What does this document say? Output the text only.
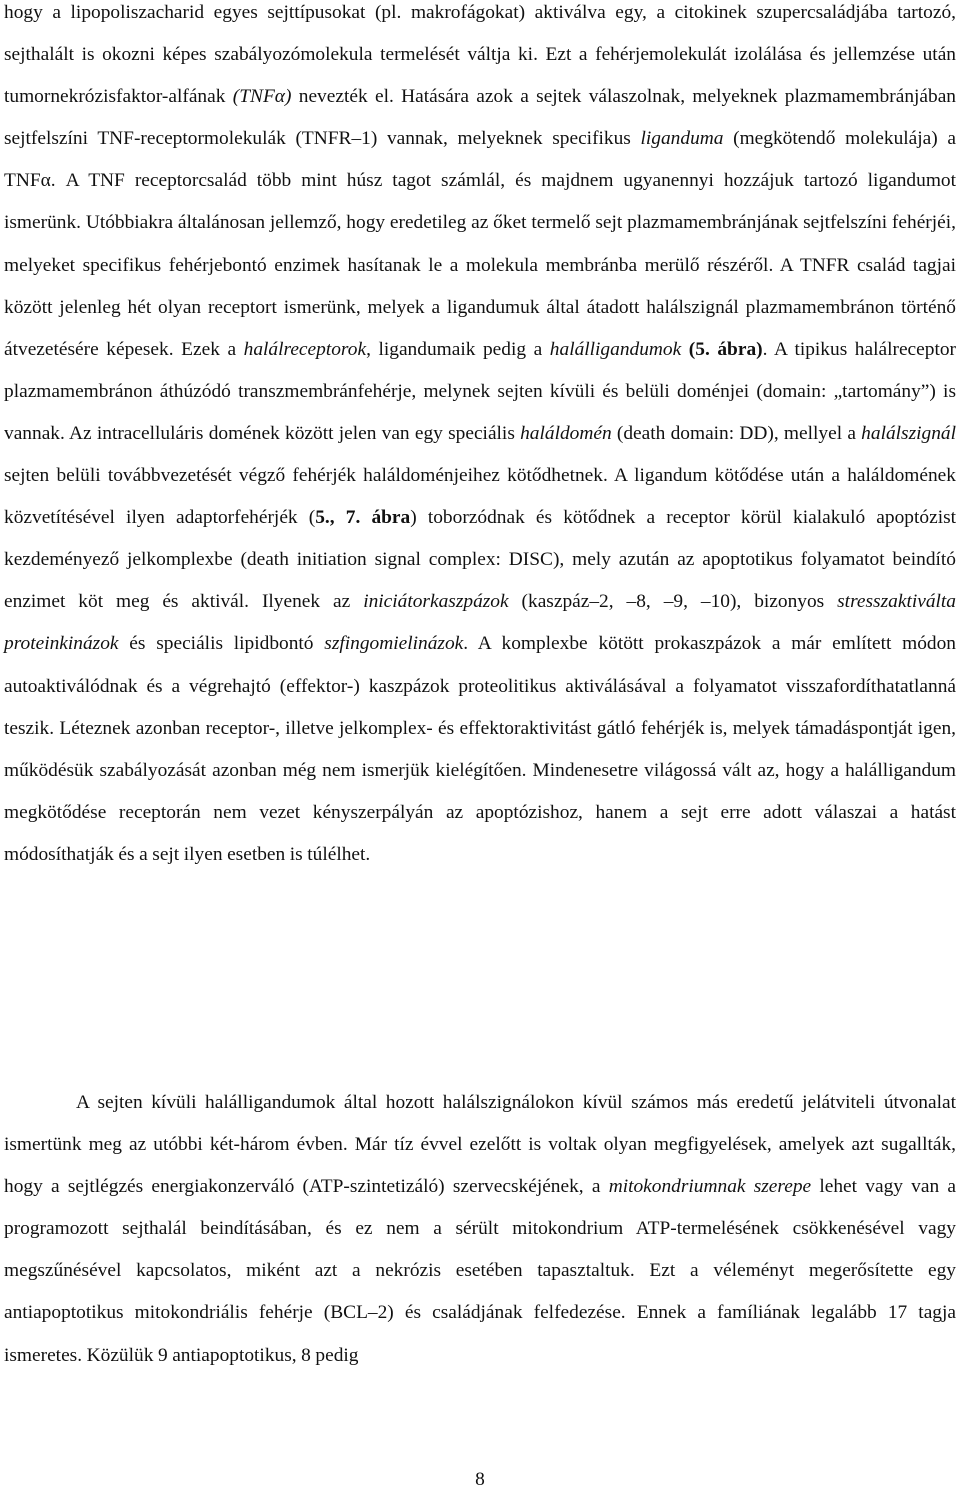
hogy a lipopoliszacharid egyes sejttípusokat (pl. makrofágokat) aktiválva egy, a citokinek szupercsaládjába tartozó, sejthalált is okozni képes szabályozómolekula termelését váltja ki. Ezt a fehérjemolekulát izolálása és jellemzése után tumornekrózisfaktor-alfának (TNFα) nevezték el. Hatására azok a sejtek válaszolnak, melyeknek plazmamembránjában sejtfelszíni TNF-receptormolekulák (TNFR–1) vannak, melyeknek specifikus liganduma (megkötendő molekulája) a TNFα. A TNF receptorcsalád több mint húsz tagot számlál, és majdnem ugyanennyi hozzájuk tartozó ligandumot ismerünk. Utóbbiakra általánosan jellemző, hogy eredetileg az őket termelő sejt plazmamembránjának sejtfelszíni fehérjéi, melyeket specifikus fehérjebontó enzimek hasítanak le a molekula membránba merülő részéről. A TNFR család tagjai között jelenleg hét olyan receptort ismerünk, melyek a ligandumuk által átadott halálszignál plazmamembránon történő átvezetésére képesek. Ezek a halálreceptorok, ligandumaik pedig a halálligandumok (5. ábra). A tipikus halálreceptor plazmamembránon áthúzódó transzmembránfehérje, melynek sejten kívüli és belüli doménjei (domain: „tartomány”) is vannak. Az intracelluláris domének között jelen van egy speciális haláldomén (death domain: DD), mellyel a halálszignál sejten belüli továbbvezetését végző fehérjék haláldoménjeihez kötődhetnek. A ligandum kötődése után a haláldomének közvetítésével ilyen adaptorfehérjék (5., 7. ábra) toborzódnak és kötődnek a receptor körül kialakuló apoptózist kezdeményező jelkomplexbe (death initiation signal complex: DISC), mely azután az apoptotikus folyamatot beindító enzimet köt meg és aktivál. Ilyenek az iniciátorkaszpázok (kaszpáz–2, –8, –9, –10), bizonyos stresszaktiválta proteinkinázok és speciális lipidbontó szfingomielinázok. A komplexbe kötött prokaszpázok a már említett módon autoaktiválódnak és a végrehajtó (effektor-) kaszpázok proteolitikus aktiválásával a folyamatot visszafordíthatatlanná teszik. Léteznek azonban receptor-, illetve jelkomplex- és effektoraktivitást gátló fehérjék is, melyek támadáspontját igen, működésük szabályozását azonban még nem ismerjük kielégítően. Mindenesetre világossá vált az, hogy a halálligandum megkötődése receptorán nem vezet kényszerpályán az apoptózishoz, hanem a sejt erre adott válaszai a hatást módosíthatják és a sejt ilyen esetben is túlélhet.

A sejten kívüli halálligandumok által hozott halálszignálokon kívül számos más eredetű jelátviteli útvonalat ismertünk meg az utóbbi két-három évben. Már tíz évvel ezelőtt is voltak olyan megfigyelések, amelyek azt sugallták, hogy a sejtlégzés energiakonzerváló (ATP-szintetizáló) szervecskéjének, a mitokondriumnak szerepe lehet vagy van a programozott sejthalál beindításában, és ez nem a sérült mitokondrium ATP-termelésének csökkenésével vagy megszűnésével kapcsolatos, miként azt a nekrózis esetében tapasztaltuk. Ezt a véleményt megerősítette egy antiapoptotikus mitokondriális fehérje (BCL–2) és családjának felfedezése. Ennek a famíliának legalább 17 tagja ismeretes. Közülük 9 antiapoptotikus, 8 pedig

8
